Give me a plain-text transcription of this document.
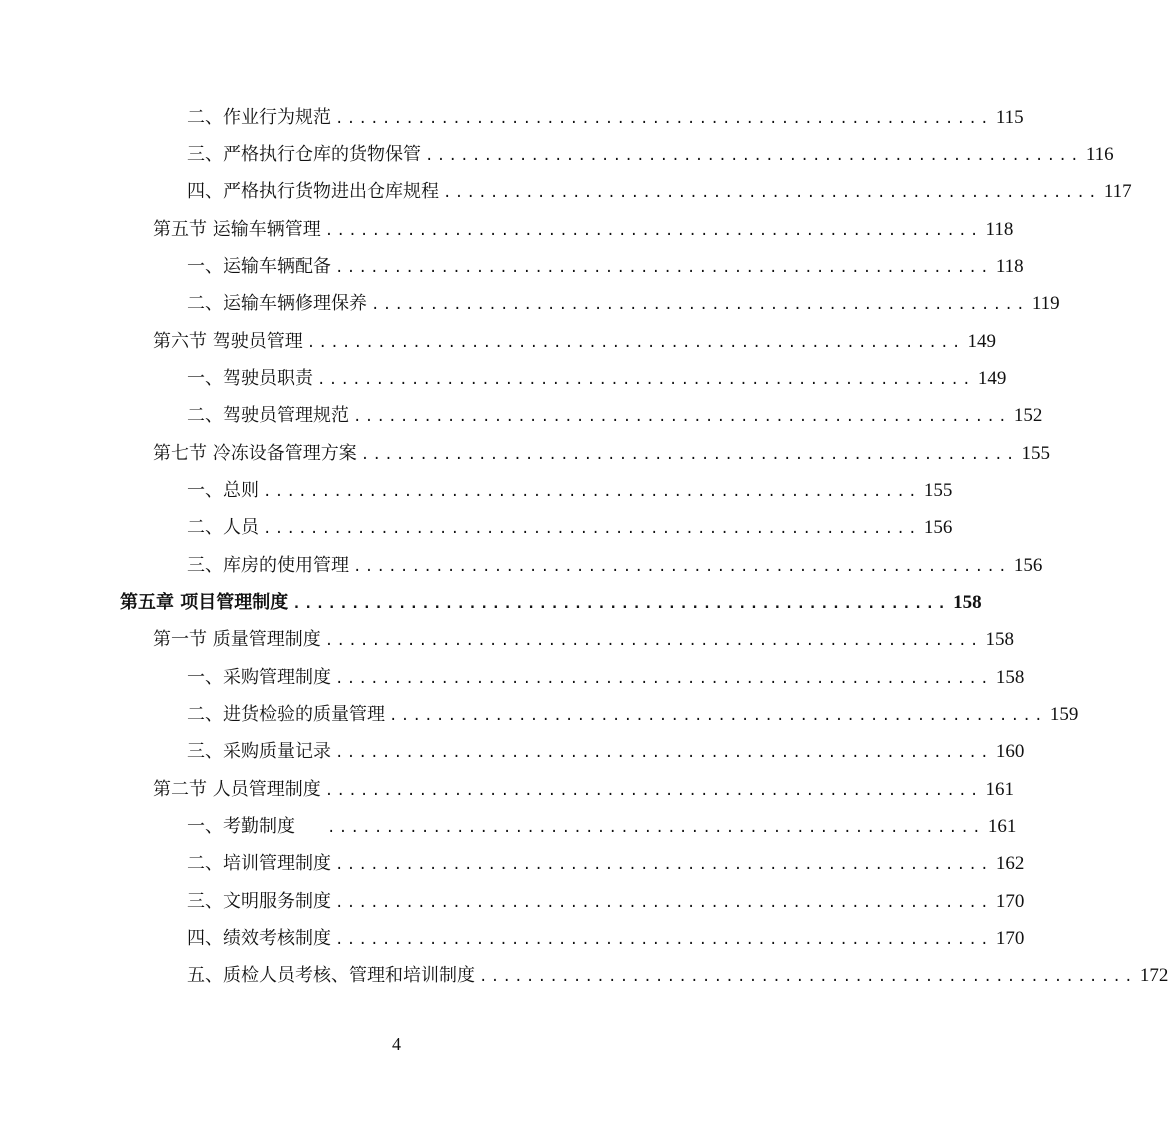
二、作业行为规范 ........................................................ 115
三、严格执行仓库的货物保管 ........................................................ 116
四、严格执行货物进出仓库规程 ........................................................ 117
第五节 运输车辆管理 ........................................................ 118
一、运输车辆配备 ........................................................ 118
二、运输车辆修理保养 ........................................................ 119
第六节 驾驶员管理 ........................................................ 149
一、驾驶员职责 ........................................................ 149
二、驾驶员管理规范 ........................................................ 152
第七节 冷冻设备管理方案 ........................................................ 155
一、总则 ........................................................ 155
二、人员 ........................................................ 156
三、库房的使用管理 ........................................................ 156
第五章 项目管理制度 ........................................................ 158
第一节 质量管理制度 ........................................................ 158
一、采购管理制度 ........................................................ 158
二、进货检验的质量管理 ........................................................ 159
三、采购质量记录 ........................................................ 160
第二节 人员管理制度 ........................................................ 161
一、考勤制度 ........................................................ 161
二、培训管理制度 ........................................................ 162
三、文明服务制度 ........................................................ 170
四、绩效考核制度 ........................................................ 170
五、质检人员考核、管理和培训制度 ........................................................ 172
4
